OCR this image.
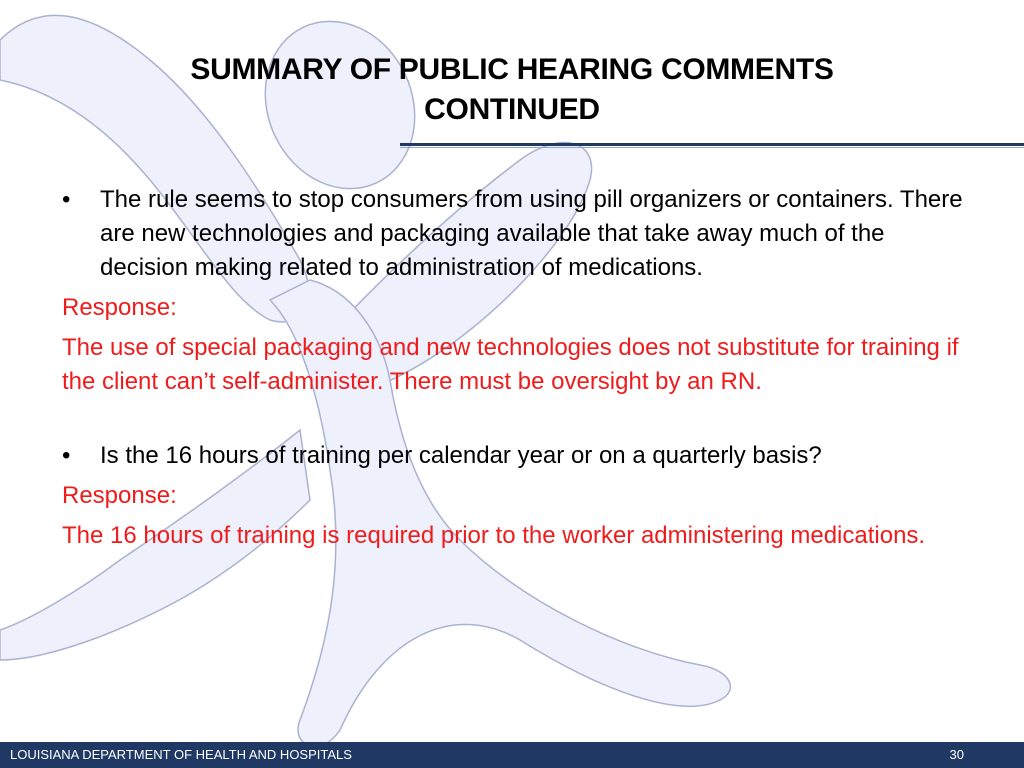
SUMMARY OF PUBLIC HEARING COMMENTS
CONTINUED

• The rule seems to stop consumers from using pill organizers or containers. There are new technologies and packaging available that take away much of the decision making related to administration of medications.

Response:

The use of special packaging and new technologies does not substitute for training if the client can’t self-administer. There must be oversight by an RN.

• Is the 16 hours of training per calendar year or on a quarterly basis?

Response:

The 16 hours of training is required prior to the worker administering medications.

LOUISIANA DEPARTMENT OF HEALTH AND HOSPITALS	30
